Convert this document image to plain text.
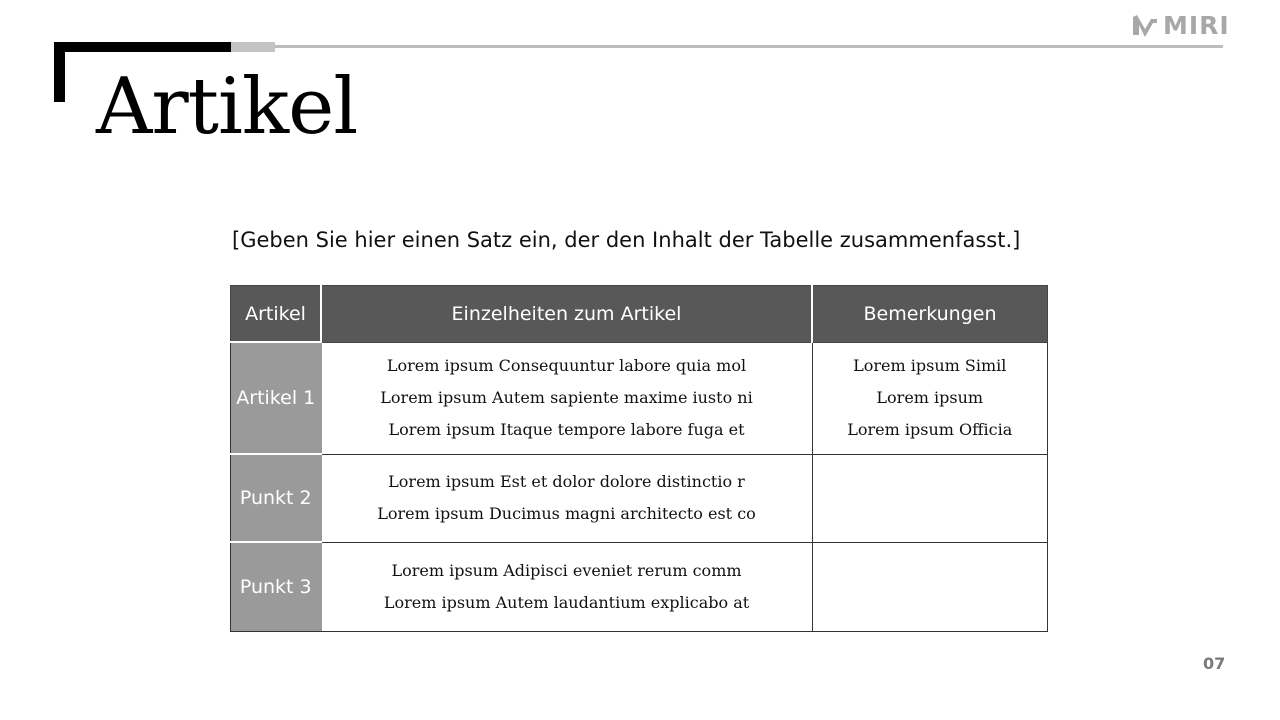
MIRI
Artikel
[Geben Sie hier einen Satz ein, der den Inhalt der Tabelle zusammenfasst.]
Artikel	Einzelheiten zum Artikel	Bemerkungen
Artikel 1	Lorem ipsum Consequuntur labore quia mol
Lorem ipsum Autem sapiente maxime iusto ni
Lorem ipsum Itaque tempore labore fuga et	Lorem ipsum Simil
Lorem ipsum
Lorem ipsum Officia

Punkt 2	Lorem ipsum Est et dolor dolore distinctio r
Lorem ipsum Ducimus magni architecto est co	

Punkt 3	Lorem ipsum Adipisci eveniet rerum comm
Lorem ipsum Autem laudantium explicabo at	

07
